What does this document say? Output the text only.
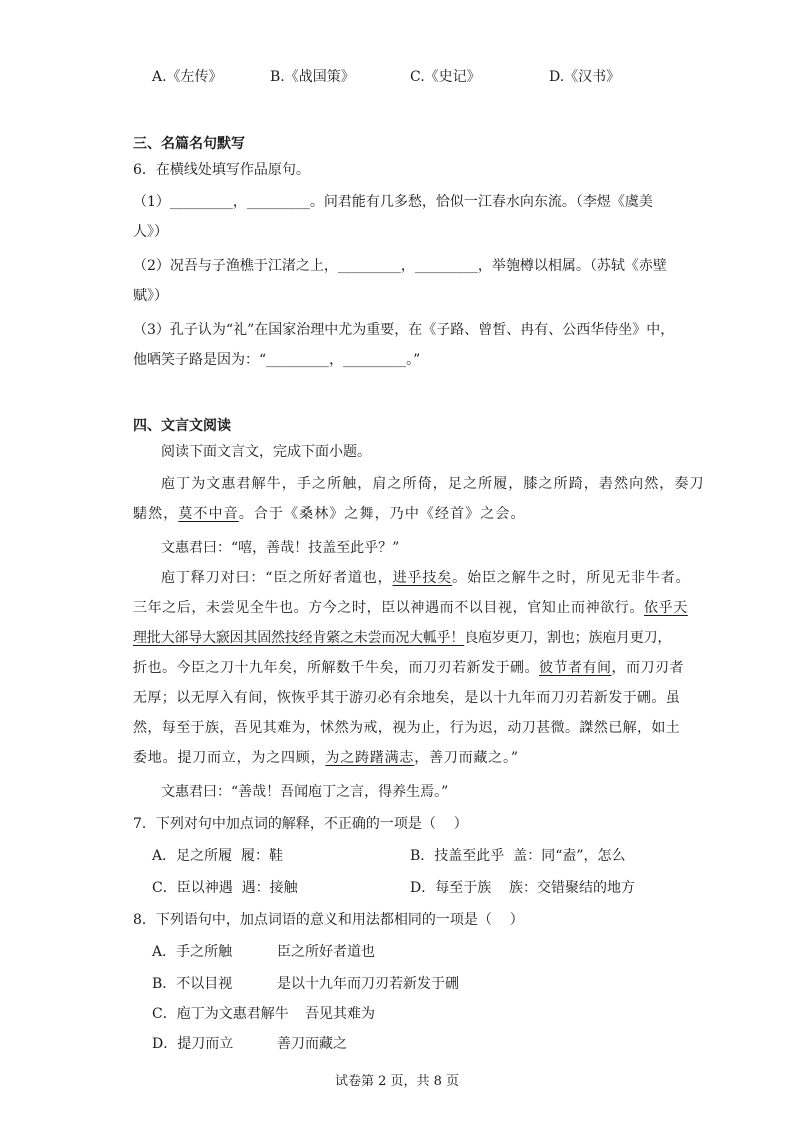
A.《左传》	B.《战国策》	C.《史记》	D.《汉书》
三、名篇名句默写
6．在横线处填写作品原句。
（1）_________，_________。问君能有几多愁，恰似一江春水向东流。（李煜《虞美
人》）
（2）况吾与子渔樵于江渚之上，_________，_________，举匏樽以相属。（苏轼《赤壁
赋》）
（3）孔子认为“礼”在国家治理中尤为重要，在《子路、曾皙、冉有、公西华侍坐》中，
他哂笑子路是因为：“_________，_________。”
四、文言文阅读
阅读下面文言文，完成下面小题。
庖丁为文惠君解牛，手之所触，肩之所倚，足之所履，膝之所踦，砉然向然，奏刀
騞然，莫不中音。合于《桑林》之舞，乃中《经首》之会。
文惠君曰：“嘻，善哉！技盖至此乎？”
庖丁释刀对曰：“臣之所好者道也，进乎技矣。始臣之解牛之时，所见无非牛者。
三年之后，未尝见全牛也。方今之时，臣以神遇而不以目视，官知止而神欲行。依乎天
理批大郤导大窾因其固然技经肯綮之未尝而况大軱乎！良庖岁更刀，割也；族庖月更刀，
折也。今臣之刀十九年矣，所解数千牛矣，而刀刃若新发于硎。彼节者有间，而刀刃者
无厚；以无厚入有间，恢恢乎其于游刃必有余地矣，是以十九年而刀刃若新发于硎。虽
然，每至于族，吾见其难为，怵然为戒，视为止，行为迟，动刀甚微。謋然已解，如土
委地。提刀而立，为之四顾，为之踌躇满志，善刀而藏之。”
文惠君曰：“善哉！吾闻庖丁之言，得养生焉。”
7．下列对句中加点词的解释，不正确的一项是（    ）
A．足之所履  履：鞋	B．技盖至此乎  盖：同“盍”，怎么
C．臣以神遇  遇：接触	D．每至于族    族：交错聚结的地方
8．下列语句中，加点词语的意义和用法都相同的一项是（    ）
A．手之所触	臣之所好者道也
B．不以目视	是以十九年而刀刃若新发于硎
C．庖丁为文惠君解牛 吾见其难为
D．提刀而立	善刀而藏之
试卷第 2 页，共 8 页
